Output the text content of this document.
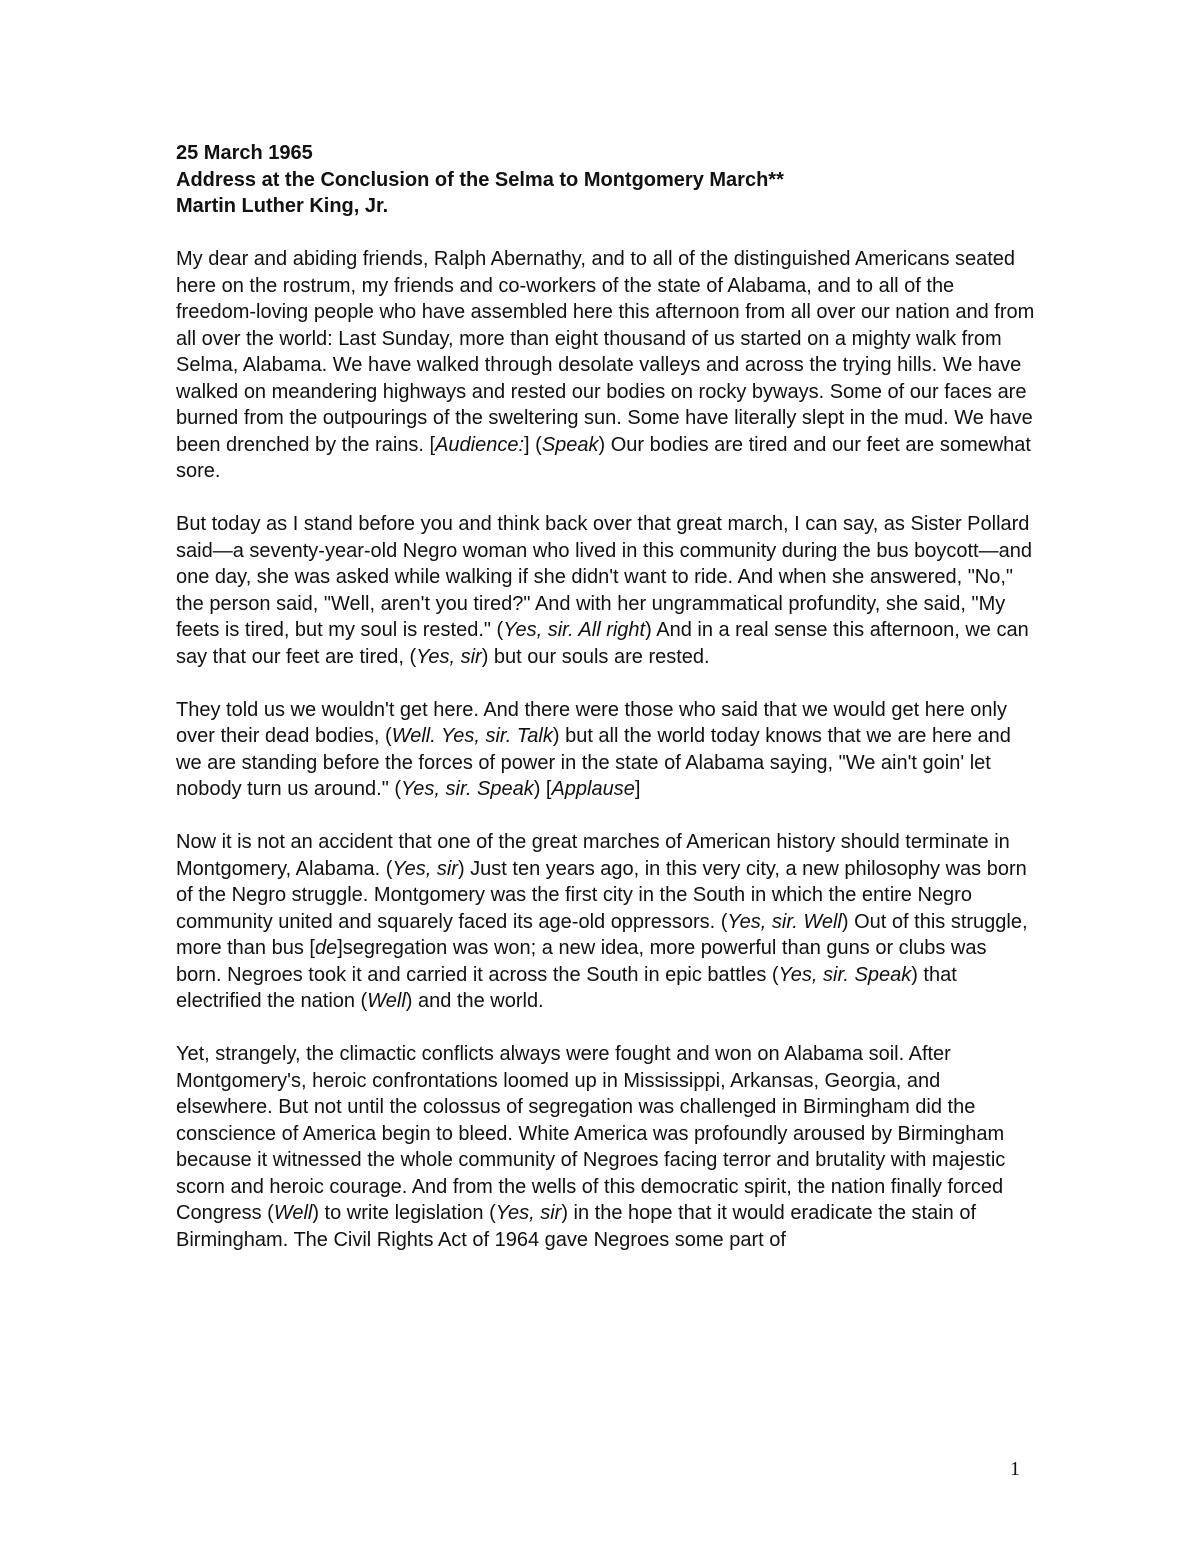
25 March 1965
Address at the Conclusion of the Selma to Montgomery March**
Martin Luther King, Jr.

My dear and abiding friends, Ralph Abernathy, and to all of the distinguished Americans seated here on the rostrum, my friends and co-workers of the state of Alabama, and to all of the freedom-loving people who have assembled here this afternoon from all over our nation and from all over the world: Last Sunday, more than eight thousand of us started on a mighty walk from Selma, Alabama. We have walked through desolate valleys and across the trying hills. We have walked on meandering highways and rested our bodies on rocky byways. Some of our faces are burned from the outpourings of the sweltering sun. Some have literally slept in the mud. We have been drenched by the rains. [Audience:] (Speak) Our bodies are tired and our feet are somewhat sore.

But today as I stand before you and think back over that great march, I can say, as Sister Pollard said—a seventy-year-old Negro woman who lived in this community during the bus boycott—and one day, she was asked while walking if she didn't want to ride. And when she answered, "No," the person said, "Well, aren't you tired?" And with her ungrammatical profundity, she said, "My feets is tired, but my soul is rested." (Yes, sir. All right) And in a real sense this afternoon, we can say that our feet are tired, (Yes, sir) but our souls are rested.

They told us we wouldn't get here. And there were those who said that we would get here only over their dead bodies, (Well. Yes, sir. Talk) but all the world today knows that we are here and we are standing before the forces of power in the state of Alabama saying, "We ain't goin' let nobody turn us around." (Yes, sir. Speak) [Applause]

Now it is not an accident that one of the great marches of American history should terminate in Montgomery, Alabama. (Yes, sir) Just ten years ago, in this very city, a new philosophy was born of the Negro struggle. Montgomery was the first city in the South in which the entire Negro community united and squarely faced its age-old oppressors. (Yes, sir. Well) Out of this struggle, more than bus [de]segregation was won; a new idea, more powerful than guns or clubs was born. Negroes took it and carried it across the South in epic battles (Yes, sir. Speak) that electrified the nation (Well) and the world.

Yet, strangely, the climactic conflicts always were fought and won on Alabama soil. After Montgomery's, heroic confrontations loomed up in Mississippi, Arkansas, Georgia, and elsewhere. But not until the colossus of segregation was challenged in Birmingham did the conscience of America begin to bleed. White America was profoundly aroused by Birmingham because it witnessed the whole community of Negroes facing terror and brutality with majestic scorn and heroic courage. And from the wells of this democratic spirit, the nation finally forced Congress (Well) to write legislation (Yes, sir) in the hope that it would eradicate the stain of Birmingham. The Civil Rights Act of 1964 gave Negroes some part of

1
